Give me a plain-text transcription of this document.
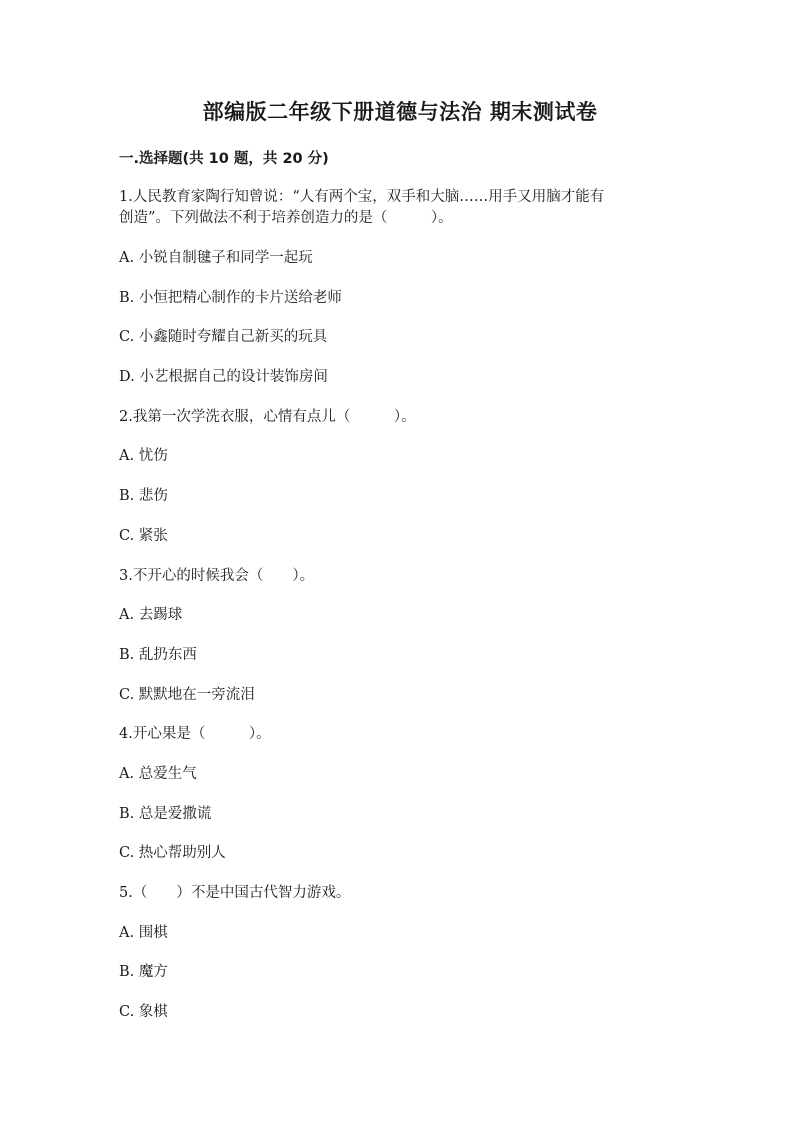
部编版二年级下册道德与法治 期末测试卷
一.选择题(共 10 题，共 20 分)
1.人民教育家陶行知曾说：“人有两个宝，双手和大脑……用手又用脑才能有
创造”。下列做法不利于培养创造力的是（　　　）。
A. 小锐自制毽子和同学一起玩
B. 小恒把精心制作的卡片送给老师
C. 小鑫随时夸耀自己新买的玩具
D. 小艺根据自己的设计装饰房间
2.我第一次学洗衣服，心情有点儿（　　　）。
A. 忧伤
B. 悲伤
C. 紧张
3.不开心的时候我会（　　）。
A. 去踢球
B. 乱扔东西
C. 默默地在一旁流泪
4.开心果是（　　　）。
A. 总爱生气
B. 总是爱撒谎
C. 热心帮助别人
5.（　　）不是中国古代智力游戏。
A. 围棋
B. 魔方
C. 象棋
